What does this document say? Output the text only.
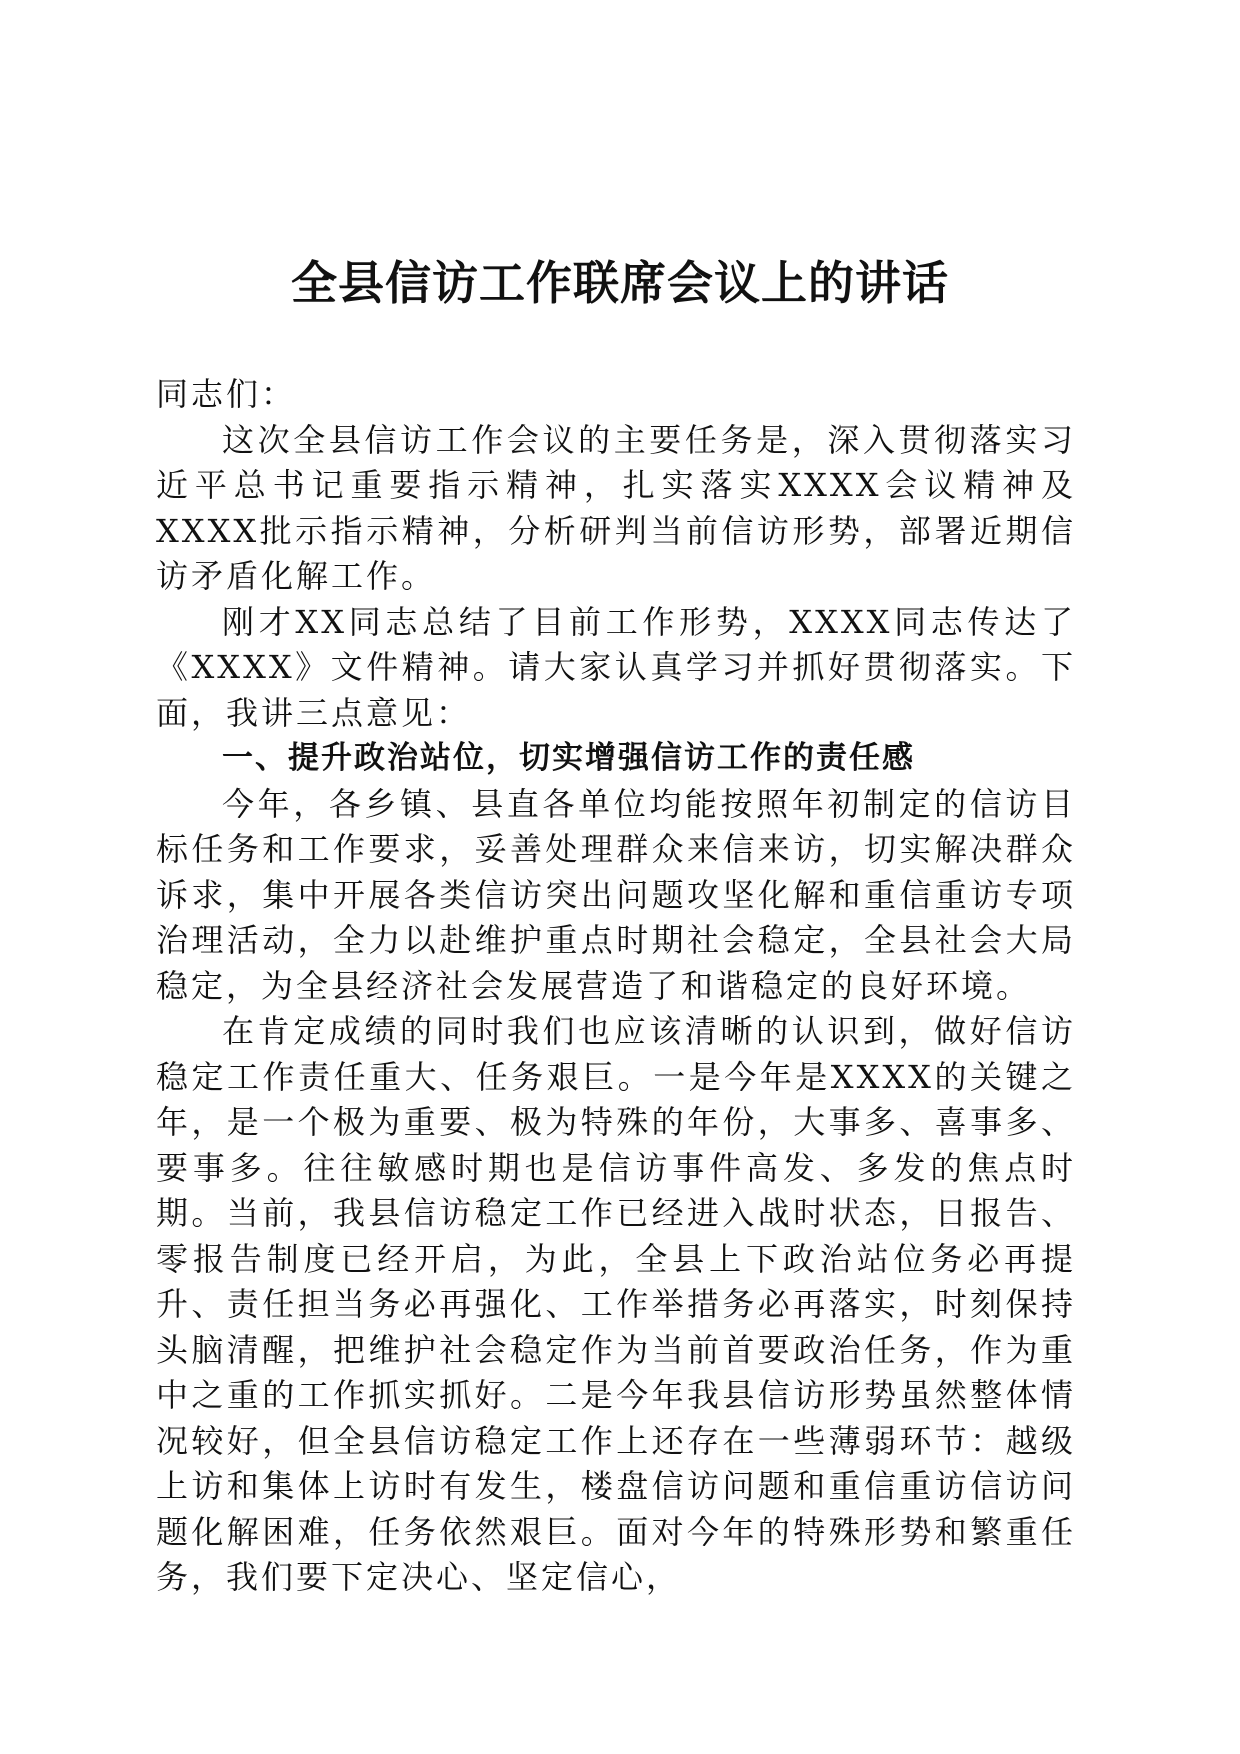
全县信访工作联席会议上的讲话

同志们：

这次全县信访工作会议的主要任务是，深入贯彻落实习近平总书记重要指示精神，扎实落实XXXX会议精神及XXXX批示指示精神，分析研判当前信访形势，部署近期信访矛盾化解工作。

刚才XX同志总结了目前工作形势，XXXX同志传达了《XXXX》文件精神。请大家认真学习并抓好贯彻落实。下面，我讲三点意见：

一、提升政治站位，切实增强信访工作的责任感

今年，各乡镇、县直各单位均能按照年初制定的信访目标任务和工作要求，妥善处理群众来信来访，切实解决群众诉求，集中开展各类信访突出问题攻坚化解和重信重访专项治理活动，全力以赴维护重点时期社会稳定，全县社会大局稳定，为全县经济社会发展营造了和谐稳定的良好环境。

在肯定成绩的同时我们也应该清晰的认识到，做好信访稳定工作责任重大、任务艰巨。一是今年是XXXX的关键之年，是一个极为重要、极为特殊的年份，大事多、喜事多、要事多。往往敏感时期也是信访事件高发、多发的焦点时期。当前，我县信访稳定工作已经进入战时状态，日报告、零报告制度已经开启，为此，全县上下政治站位务必再提升、责任担当务必再强化、工作举措务必再落实，时刻保持头脑清醒，把维护社会稳定作为当前首要政治任务，作为重中之重的工作抓实抓好。二是今年我县信访形势虽然整体情况较好，但全县信访稳定工作上还存在一些薄弱环节：越级上访和集体上访时有发生，楼盘信访问题和重信重访信访问题化解困难，任务依然艰巨。面对今年的特殊形势和繁重任务，我们要下定决心、坚定信心，
